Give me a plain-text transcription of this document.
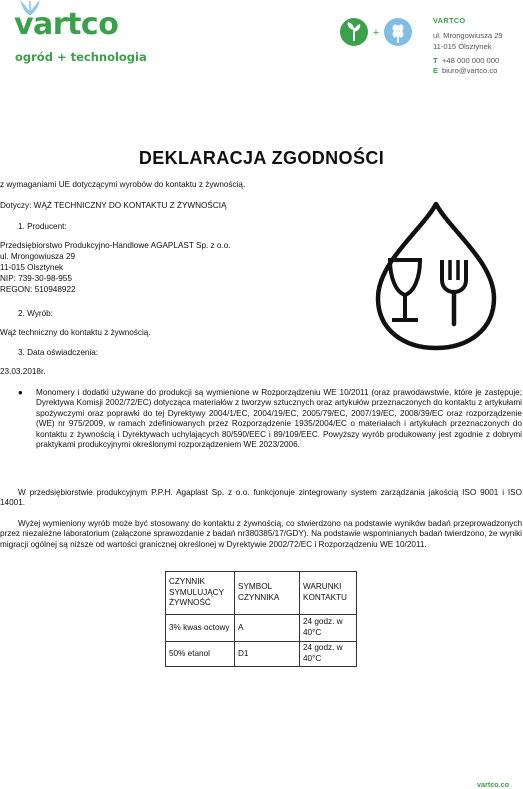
vartco
ogród + technologia
+
VARTCO
ul. Mrongowiusza 29
11-015 Olsztynek
T +48 000 000 000
E biuro@vartco.co
DEKLARACJA ZGODNOŚCI
z wymaganiami UE dotyczącymi wyrobów do kontaktu z żywnością.
Dotyczy: WĄŻ TECHNICZNY DO KONTAKTU Z ŻYWNOŚCIĄ
1. Producent:
Przedsiębiorstwo Produkcyjno-Handlowe AGAPLAST Sp. z o.o.
ul. Mrongowiusza 29
11-015 Olsztynek
NIP: 739-30-98-955
REGON: 510948922
2. Wyrób:
Wąż techniczny do kontaktu z żywnością.
3. Data oświadczenia:
23.03.2018r.
● Monomery i dodatki używane do produkcji są wymienione w Rozporządzeniu WE 10/2011 (oraz prawodawstwie, które je zastępuje; Dyrektywa Komisji 2002/72/EC) dotycząca materiałów z tworzyw sztucznych oraz artykułów przeznaczonych do kontaktu z artykułami spożywczymi oraz poprawki do tej Dyrektywy 2004/1/EC, 2004/19/EC, 2005/79/EC, 2007/19/EC, 2008/39/EC oraz rozporządzenie (WE) nr 975/2009, w ramach zdefiniowanych przez Rozporządzenie 1935/2004/EC o materiałach i artykułach przeznaczonych do kontaktu z żywnością i Dyrektywach uchylających 80/590/EEC i 89/109/EEC. Powyższy wyrób produkowany jest zgodnie z dobrymi praktykami produkcyjnymi określonymi rozporządzeniem WE 2023/2006.
W przedsiębiorstwie produkcyjnym P.P.H. Agaplast Sp. z o.o. funkcjonuje zintegrowany system zarządzania jakością ISO 9001 i ISO 14001.
Wyżej wymieniony wyrób może być stosowany do kontaktu z żywnością, co stwierdzono na podstawie wyników badań przeprowadzonych przez niezależne laboratorium (załączone sprawozdanie z badań nr380385/17/GDY). Na podstawie wspomnianych badań twierdzono, że wyniki migracji ogólnej są niższe od wartości granicznej określonej w Dyrektywie 2002/72/EC i Rozporządzeniu WE 10/2011.
CZYNNIK SYMULUJĄCY ŻYWNOŚĆ	SYMBOL CZYNNIKA	WARUNKI KONTAKTU
3% kwas octowy	A	24 godz. w 40°C
50% etanol	D1	24 godz. w 40°C
vartco.co
